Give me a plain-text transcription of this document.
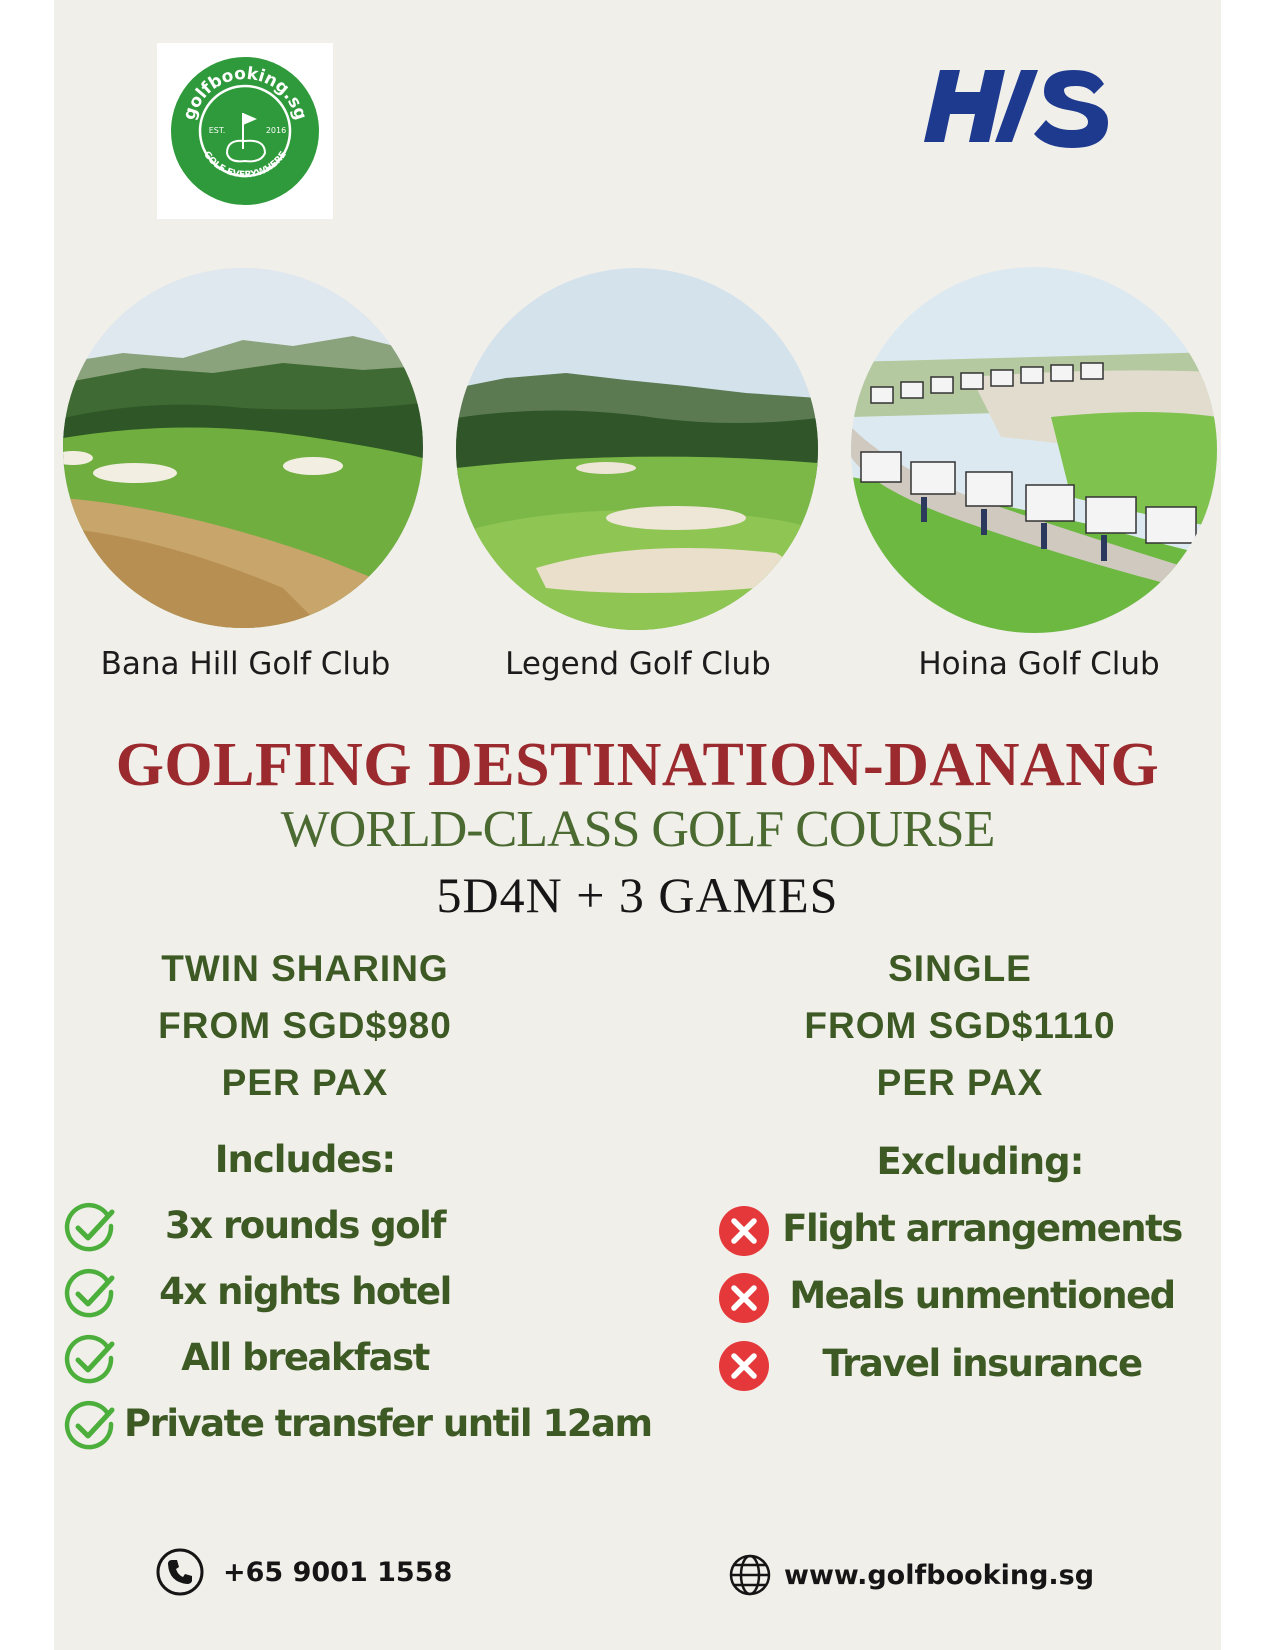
golfbooking.sg
GOLF EVERYWHERE
EST.	2016
Bana Hill Golf Club	Legend Golf Club	Hoina Golf Club
GOLFING DESTINATION-DANANG
WORLD-CLASS GOLF COURSE
5D4N + 3 GAMES
TWIN SHARING
FROM SGD$980
PER PAX
SINGLE
FROM SGD$1110
PER PAX
Includes:	Excluding:
3x rounds golf
4x nights hotel
All breakfast
Private transfer until 12am
Flight arrangements
Meals unmentioned
Travel insurance
+65 9001 1558	www.golfbooking.sg
